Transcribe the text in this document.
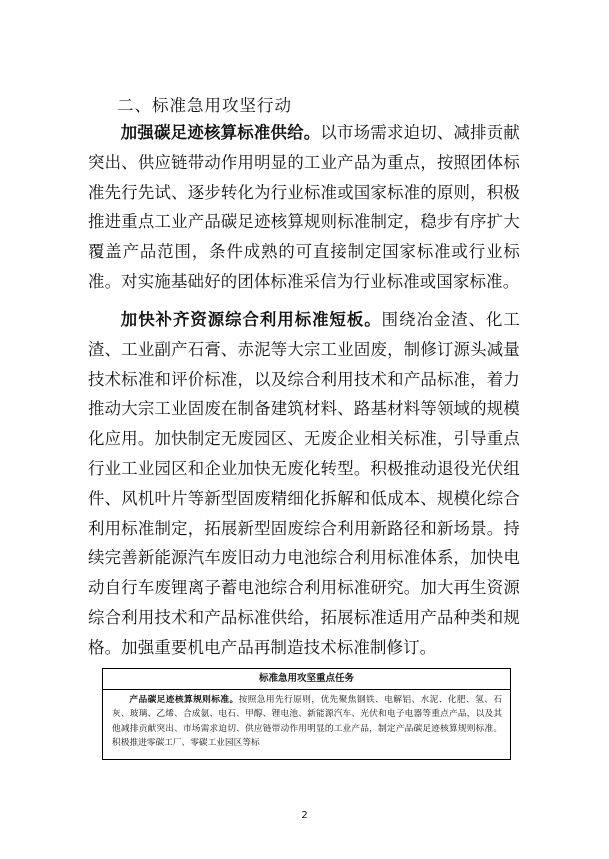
二、标准急用攻坚行动

加强碳足迹核算标准供给。以市场需求迫切、减排贡献突出、供应链带动作用明显的工业产品为重点，按照团体标准先行先试、逐步转化为行业标准或国家标准的原则，积极推进重点工业产品碳足迹核算规则标准制定，稳步有序扩大覆盖产品范围，条件成熟的可直接制定国家标准或行业标准。对实施基础好的团体标准采信为行业标准或国家标准。

加快补齐资源综合利用标准短板。围绕冶金渣、化工渣、工业副产石膏、赤泥等大宗工业固废，制修订源头减量技术标准和评价标准，以及综合利用技术和产品标准，着力推动大宗工业固废在制备建筑材料、路基材料等领域的规模化应用。加快制定无废园区、无废企业相关标准，引导重点行业工业园区和企业加快无废化转型。积极推动退役光伏组件、风机叶片等新型固废精细化拆解和低成本、规模化综合利用标准制定，拓展新型固废综合利用新路径和新场景。持续完善新能源汽车废旧动力电池综合利用标准体系，加快电动自行车废锂离子蓄电池综合利用标准研究。加大再生资源综合利用技术和产品标准供给，拓展标准适用产品种类和规格。加强重要机电产品再制造技术标准制修订。

标准急用攻坚重点任务

产品碳足迹核算规则标准。按照急用先行原则，优先聚焦钢铁、电解铝、水泥、化肥、氢、石灰、玻璃、乙烯、合成氨、电石、甲醇、锂电池、新能源汽车、光伏和电子电器等重点产品，以及其他减排贡献突出、市场需求迫切、供应链带动作用明显的工业产品，制定产品碳足迹核算规则标准。积极推进零碳工厂、零碳工业园区等标

2
